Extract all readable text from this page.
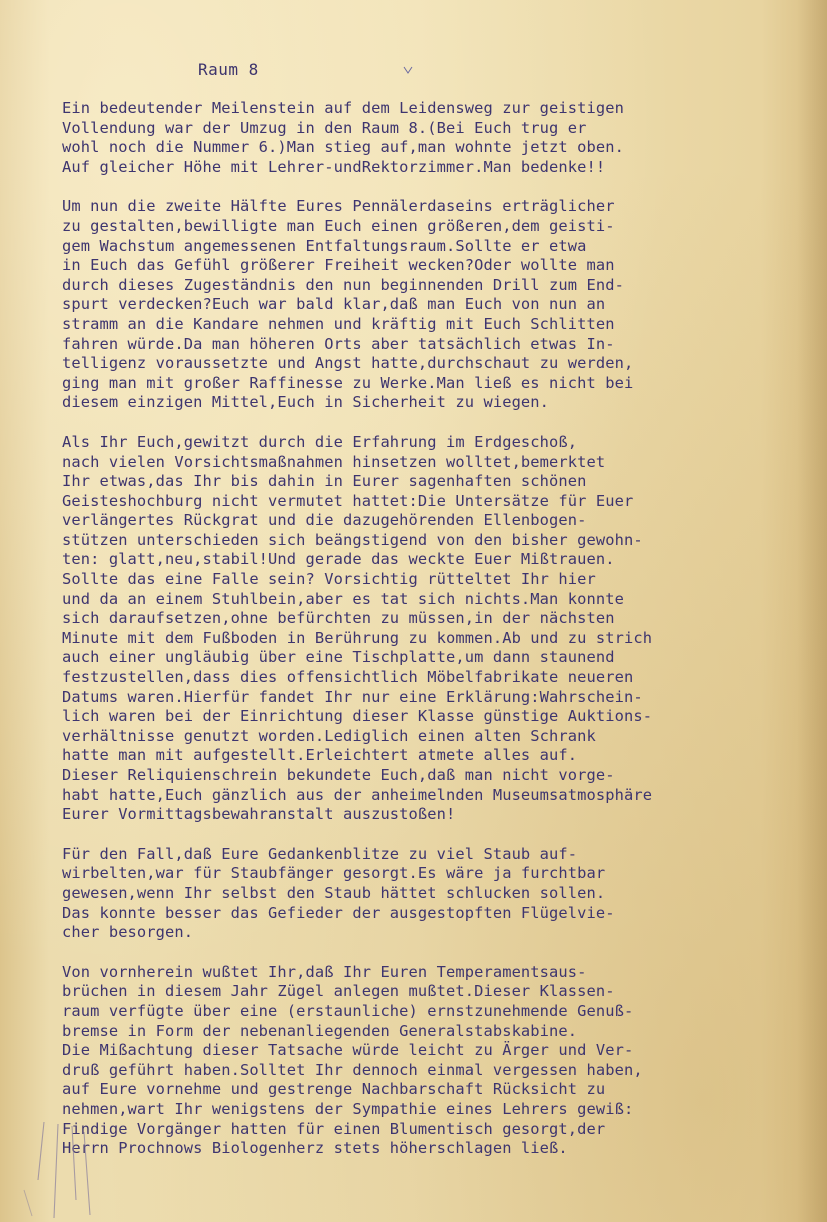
Raum 8
Ein bedeutender Meilenstein auf dem Leidensweg zur geistigen
Vollendung war der Umzug in den Raum 8.(Bei Euch trug er
wohl noch die Nummer 6.)Man stieg auf,man wohnte jetzt oben.
Auf gleicher Höhe mit Lehrer-undRektorzimmer.Man bedenke!!
Um nun die zweite Hälfte Eures Pennälerdaseins erträglicher
zu gestalten,bewilligte man Euch einen größeren,dem geisti-
gem Wachstum angemessenen Entfaltungsraum.Sollte er etwa
in Euch das Gefühl größerer Freiheit wecken?Oder wollte man
durch dieses Zugeständnis den nun beginnenden Drill zum End-
spurt verdecken?Euch war bald klar,daß man Euch von nun an
stramm an die Kandare nehmen und kräftig mit Euch Schlitten
fahren würde.Da man höheren Orts aber tatsächlich etwas In-
telligenz voraussetzte und Angst hatte,durchschaut zu werden,
ging man mit großer Raffinesse zu Werke.Man ließ es nicht bei
diesem einzigen Mittel,Euch in Sicherheit zu wiegen.
Als Ihr Euch,gewitzt durch die Erfahrung im Erdgeschoß,
nach vielen Vorsichtsmaßnahmen hinsetzen wolltet,bemerktet
Ihr etwas,das Ihr bis dahin in Eurer sagenhaften schönen
Geisteshochburg nicht vermutet hattet:Die Untersätze für Euer
verlängertes Rückgrat und die dazugehörenden Ellenbogen-
stützen unterschieden sich beängstigend von den bisher gewohn-
ten: glatt,neu,stabil!Und gerade das weckte Euer Mißtrauen.
Sollte das eine Falle sein? Vorsichtig rütteltet Ihr hier
und da an einem Stuhlbein,aber es tat sich nichts.Man konnte
sich daraufsetzen,ohne befürchten zu müssen,in der nächsten
Minute mit dem Fußboden in Berührung zu kommen.Ab und zu strich
auch einer ungläubig über eine Tischplatte,um dann staunend
festzustellen,dass dies offensichtlich Möbelfabrikate neueren
Datums waren.Hierfür fandet Ihr nur eine Erklärung:Wahrschein-
lich waren bei der Einrichtung dieser Klasse günstige Auktions-
verhältnisse genutzt worden.Lediglich einen alten Schrank
hatte man mit aufgestellt.Erleichtert atmete alles auf.
Dieser Reliquienschrein bekundete Euch,daß man nicht vorge-
habt hatte,Euch gänzlich aus der anheimelnden Museumsatmosphäre
Eurer Vormittagsbewahranstalt auszustoßen!
Für den Fall,daß Eure Gedankenblitze zu viel Staub auf-
wirbelten,war für Staubfänger gesorgt.Es wäre ja furchtbar
gewesen,wenn Ihr selbst den Staub hättet schlucken sollen.
Das konnte besser das Gefieder der ausgestopften Flügelvie-
cher besorgen.
Von vornherein wußtet Ihr,daß Ihr Euren Temperamentsaus-
brüchen in diesem Jahr Zügel anlegen mußtet.Dieser Klassen-
raum verfügte über eine (erstaunliche) ernstzunehmende Genuß-
bremse in Form der nebenanliegenden Generalstabskabine.
Die Mißachtung dieser Tatsache würde leicht zu Ärger und Ver-
druß geführt haben.Solltet Ihr dennoch einmal vergessen haben,
auf Eure vornehme und gestrenge Nachbarschaft Rücksicht zu
nehmen,wart Ihr wenigstens der Sympathie eines Lehrers gewiß:
Findige Vorgänger hatten für einen Blumentisch gesorgt,der
Herrn Prochnows Biologenherz stets höherschlagen ließ.
